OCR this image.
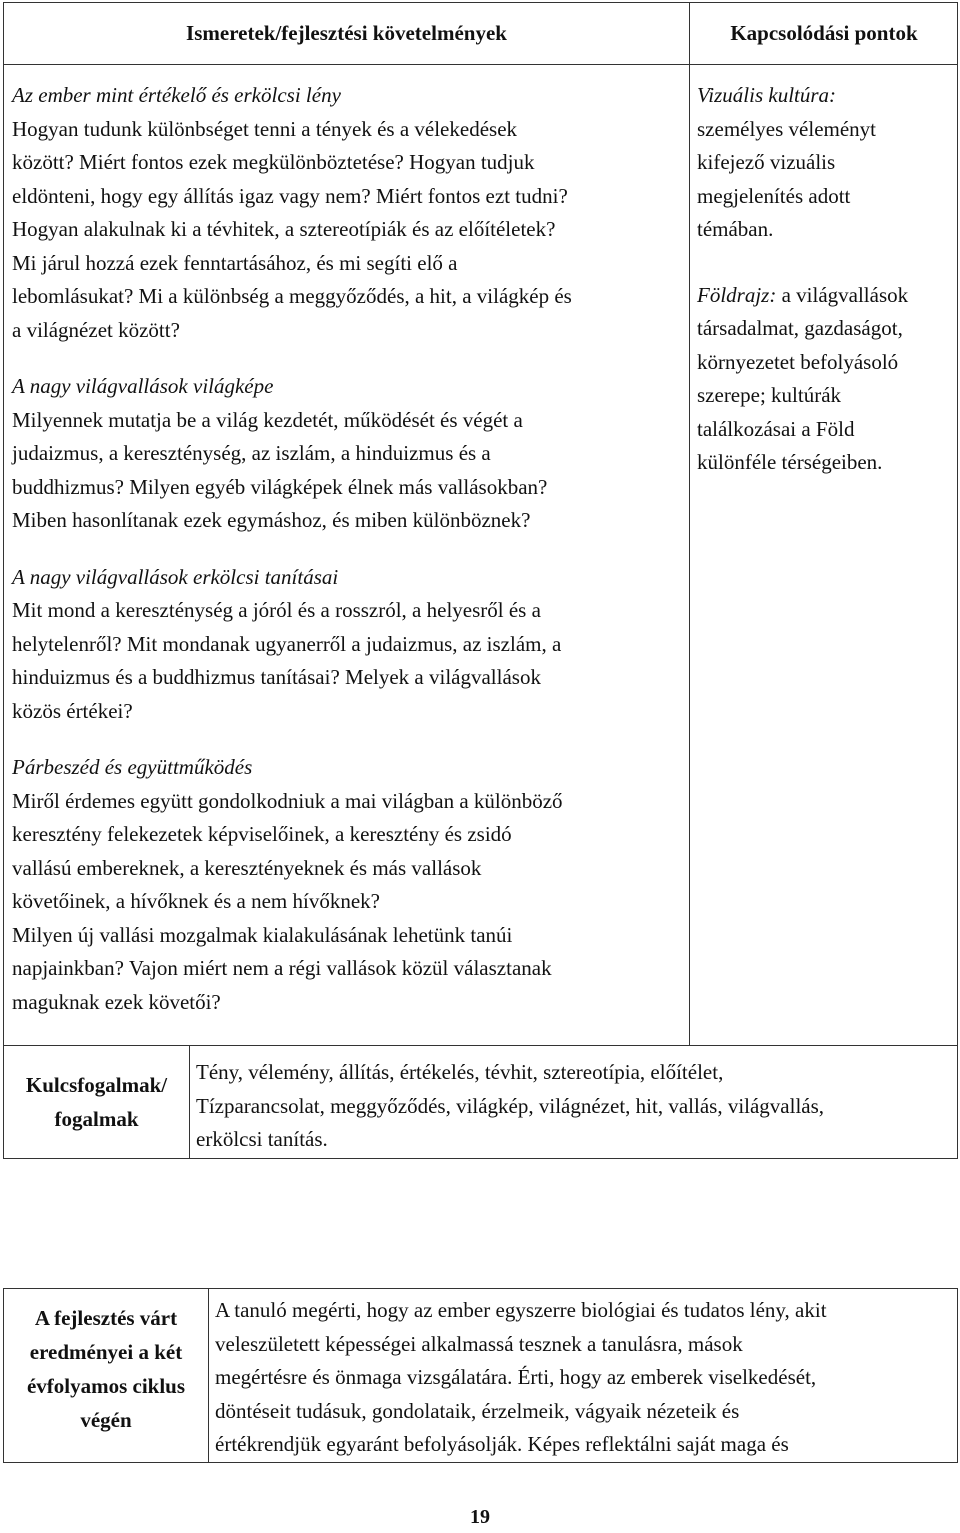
Ismeretek/fejlesztési követelmények	Kapcsolódási pontok

Az ember mint értékelő és erkölcsi lény

Hogyan tudunk különbséget tenni a tények és a vélekedések

között? Miért fontos ezek megkülönböztetése? Hogyan tudjuk

eldönteni, hogy egy állítás igaz vagy nem? Miért fontos ezt tudni?

Hogyan alakulnak ki a tévhitek, a sztereotípiák és az előítéletek?

Mi járul hozzá ezek fenntartásához, és mi segíti elő a

lebomlásukat? Mi a különbség a meggyőződés, a hit, a világkép és

a világnézet között?

A nagy világvallások világképe

Milyennek mutatja be a világ kezdetét, működését és végét a

judaizmus, a kereszténység, az iszlám, a hinduizmus és a

buddhizmus? Milyen egyéb világképek élnek más vallásokban?

Miben hasonlítanak ezek egymáshoz, és miben különböznek?

A nagy világvallások erkölcsi tanításai

Mit mond a kereszténység a jóról és a rosszról, a helyesről és a

helytelenről? Mit mondanak ugyanerről a judaizmus, az iszlám, a

hinduizmus és a buddhizmus tanításai? Melyek a világvallások

közös értékei?

Párbeszéd és együttműködés

Miről érdemes együtt gondolkodniuk a mai világban a különböző

keresztény felekezetek képviselőinek, a keresztény és zsidó

vallású embereknek, a keresztényeknek és más vallások

követőinek, a hívőknek és a nem hívőknek?

Milyen új vallási mozgalmak kialakulásának lehetünk tanúi

napjainkban? Vajon miért nem a régi vallások közül választanak

maguknak ezek követői?

Vizuális kultúra:

személyes véleményt

kifejező vizuális

megjelenítés adott

témában.

Földrajz: a világvallások

társadalmat, gazdaságot,

környezetet befolyásoló

szerepe; kultúrák

találkozásai a Föld

különféle térségeiben.

Kulcsfogalmak/
fogalmak
Tény, vélemény, állítás, értékelés, tévhit, sztereotípia, előítélet,
Tízparancsolat, meggyőződés, világkép, világnézet, hit, vallás, világvallás,
erkölcsi tanítás.
A fejlesztés várt
eredményei a két
évfolyamos ciklus
végén
A tanuló megérti, hogy az ember egyszerre biológiai és tudatos lény, akit
veleszületett képességei alkalmassá tesznek a tanulásra, mások
megértésre és önmaga vizsgálatára. Érti, hogy az emberek viselkedését,
döntéseit tudásuk, gondolataik, érzelmeik, vágyaik nézeteik és
értékrendjük egyaránt befolyásolják. Képes reflektálni saját maga és
19
